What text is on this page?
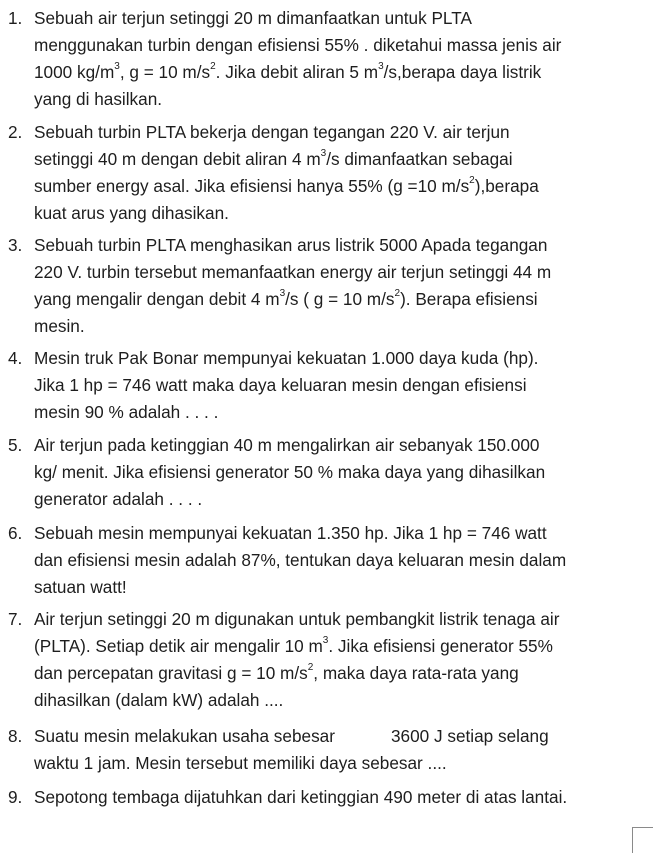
1. Sebuah air terjun setinggi 20 m dimanfaatkan untuk PLTA
menggunakan turbin dengan efisiensi 55% . diketahui massa jenis air
1000 $kg/m^3$, g = 10 $m/s^2$. Jika debit aliran 5 $m^3/s,berapa$ daya listrik
yang di hasilkan.
2. Sebuah turbin PLTA bekerja dengan tegangan 220 V. air terjun
setinggi 40 m dengan debit aliran 4 $m^3/s$ dimanfaatkan sebagai
sumber energy asal. Jika efisiensi hanya 55% (g =10 $m/s^2),berapa$
kuat arus yang dihasikan.
3. Sebuah turbin PLTA menghasikan arus listrik 5000 Apada tegangan
220 V. turbin tersebut memanfaatkan energy air terjun setinggi 44 m
yang mengalir dengan debit 4 $m^3/s$ ( g = 10 $m/s^2$). Berapa efisiensi
mesin.
4. Mesin truk Pak Bonar mempunyai kekuatan 1.000 daya kuda (hp).
Jika 1 hp = 746 watt maka daya keluaran mesin dengan efisiensi
mesin 90 % adalah . . . .
5. Air terjun pada ketinggian 40 m mengalirkan air sebanyak 150.000
kg/ menit. Jika efisiensi generator 50 % maka daya yang dihasilkan
generator adalah . . . .
6. Sebuah mesin mempunyai kekuatan 1.350 hp. Jika 1 hp = 746 watt
dan efisiensi mesin adalah 87%, tentukan daya keluaran mesin dalam
satuan watt!
7. Air terjun setinggi 20 m digunakan untuk pembangkit listrik tenaga air
(PLTA). Setiap detik air mengalir 10 $m^3$. Jika efisiensi generator 55%
dan percepatan gravitasi g = 10 $m/s^2$, maka daya rata-rata yang
dihasilkan (dalam kW) adalah ....
8. Suatu mesin melakukan usaha sebesar	3600 J setiap selang
waktu 1 jam. Mesin tersebut memiliki daya sebesar ....
9. Sepotong tembaga dijatuhkan dari ketinggian 490 meter di atas lantai.
